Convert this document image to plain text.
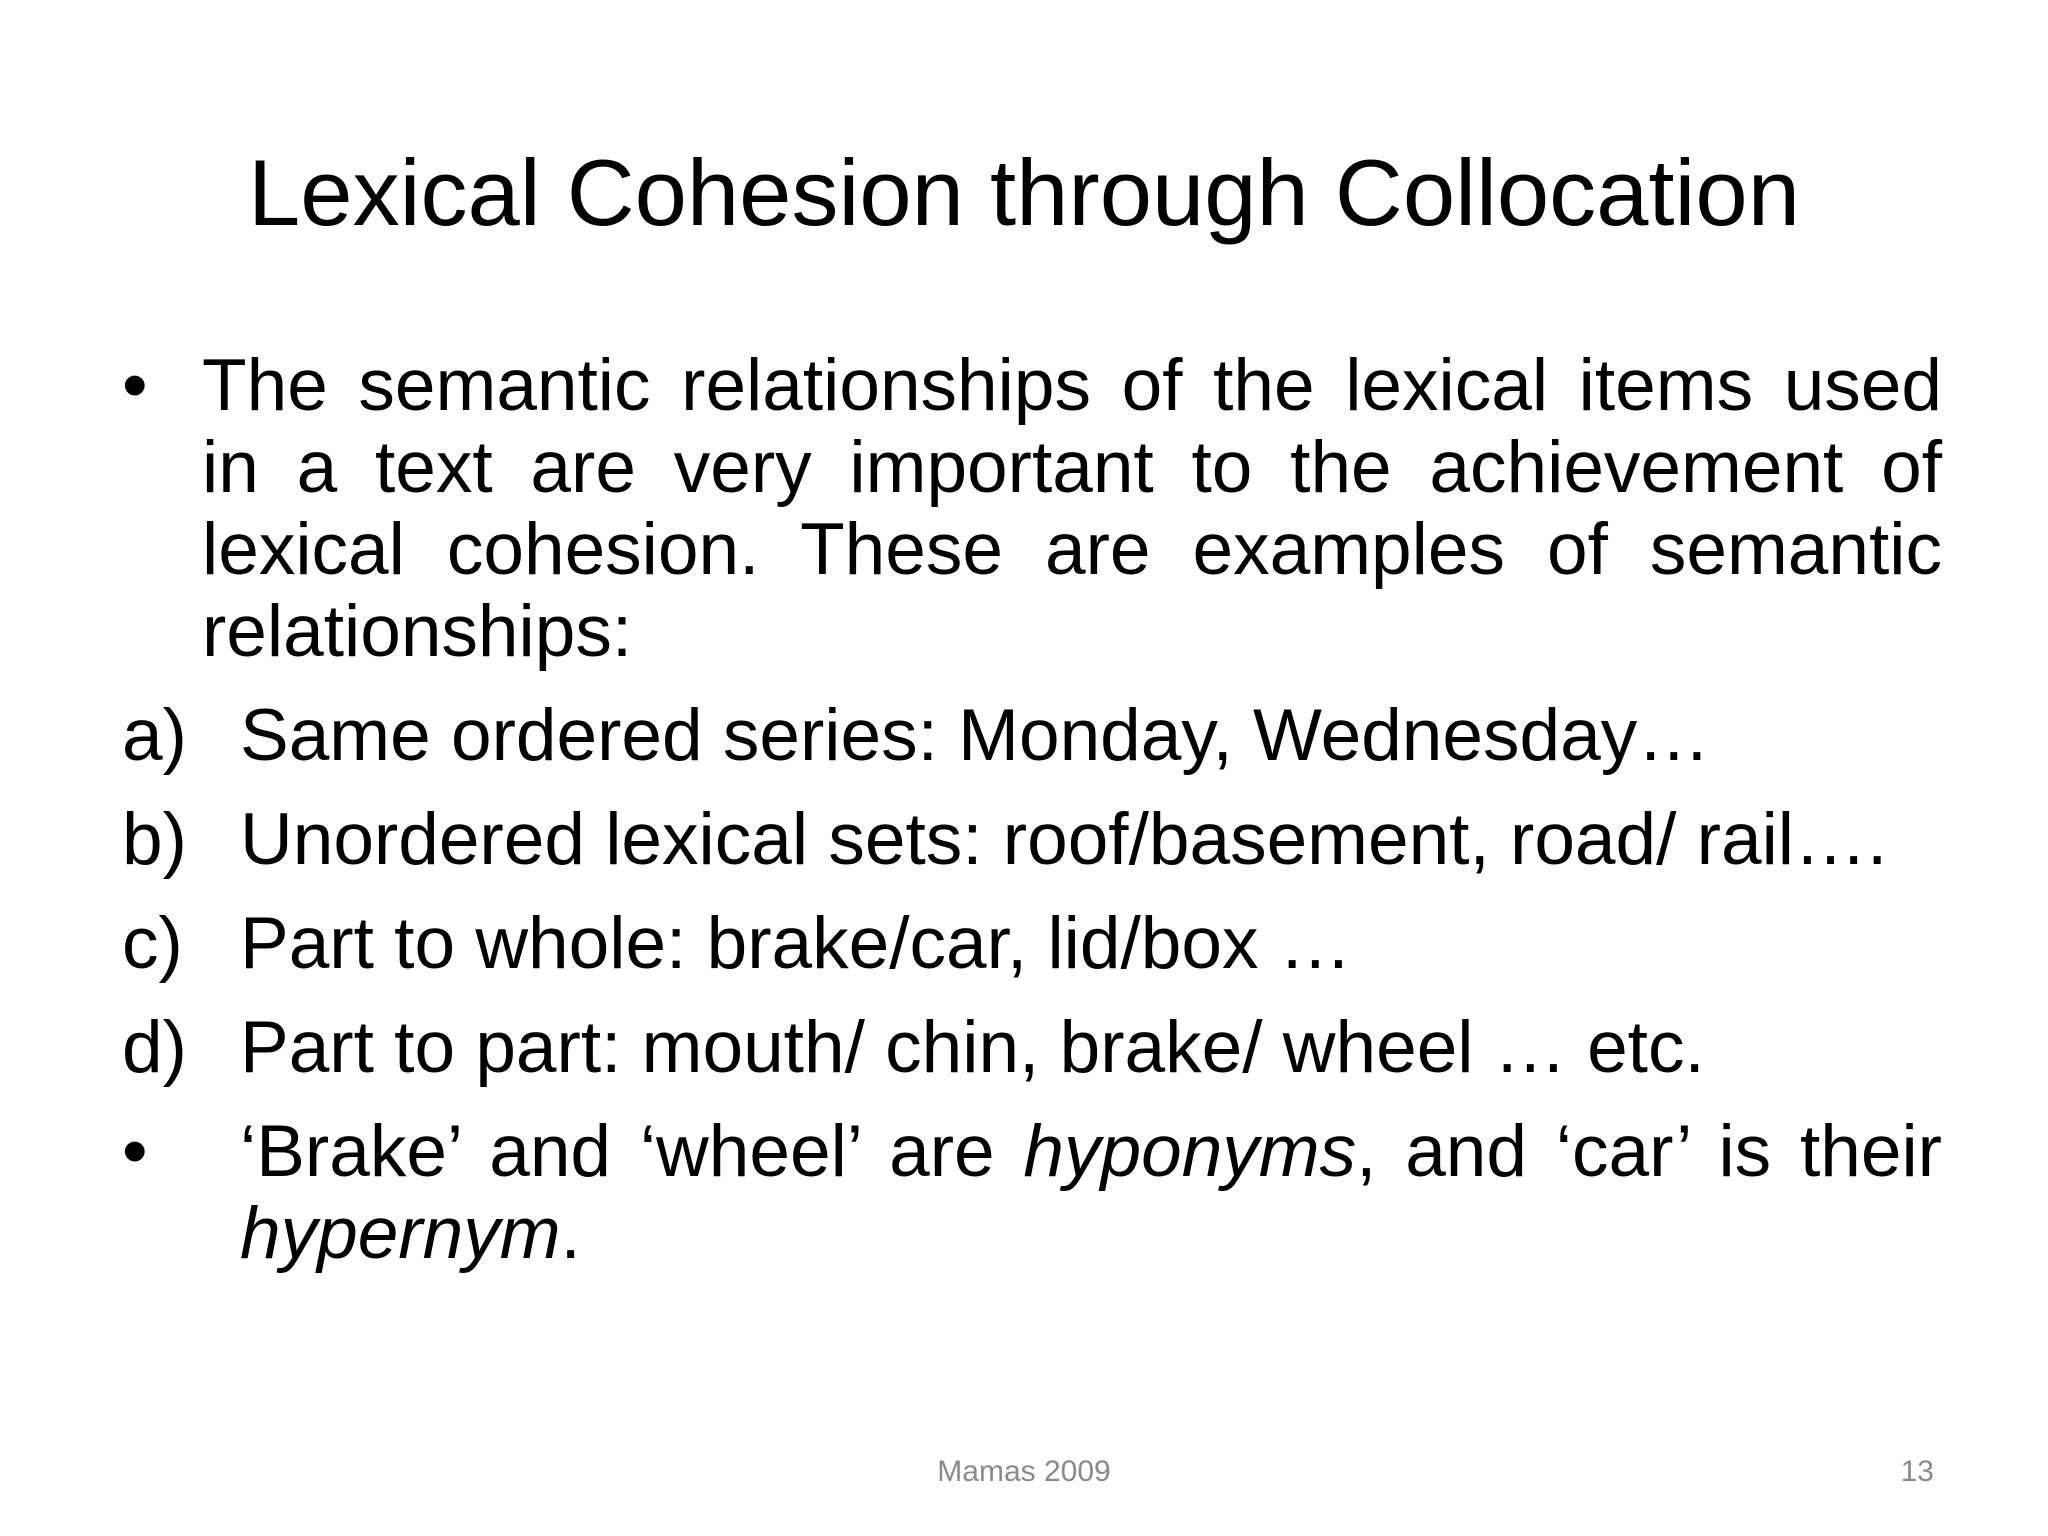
Lexical Cohesion through Collocation
• The semantic relationships of the lexical items used in a text are very important to the achievement of lexical cohesion. These are examples of semantic relationships:
a) Same ordered series: Monday, Wednesday…
b) Unordered lexical sets: roof/basement, road/ rail….
c) Part to whole: brake/car, lid/box …
d) Part to part: mouth/ chin, brake/ wheel … etc.
•	‘Brake’ and ‘wheel’ are hyponyms, and ‘car’ is their hypernym.
Mamas 2009	13
